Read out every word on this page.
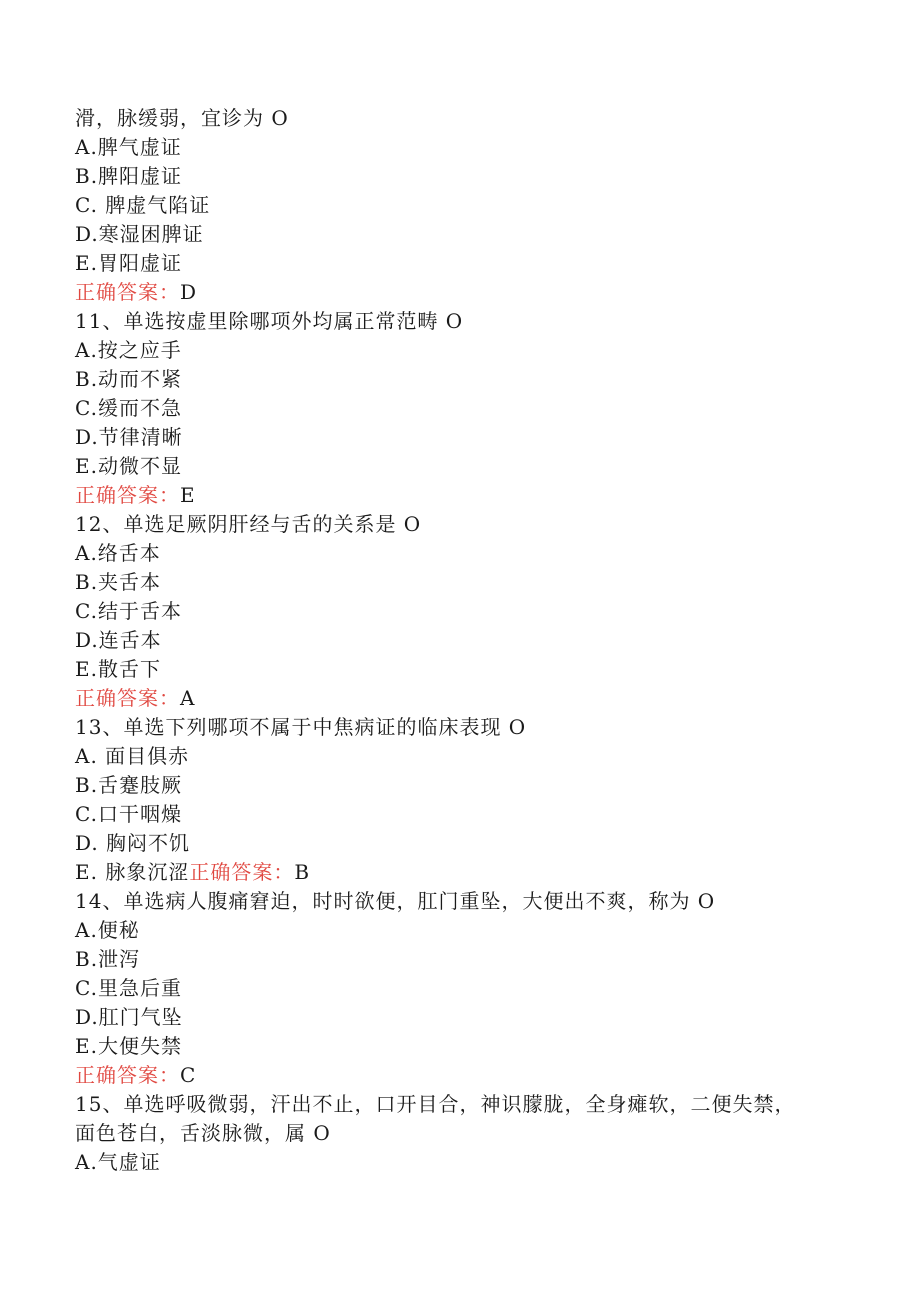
滑，脉缓弱，宜诊为 O
A.脾气虚证
B.脾阳虚证
C. 脾虚气陷证
D.寒湿困脾证
E.胃阳虚证
正确答案：D
11、单选按虚里除哪项外均属正常范畴 O
A.按之应手
B.动而不紧
C.缓而不急
D.节律清晰
E.动微不显
正确答案：E
12、单选足厥阴肝经与舌的关系是 O
A.络舌本
B.夹舌本
C.结于舌本
D.连舌本
E.散舌下
正确答案：A
13、单选下列哪项不属于中焦病证的临床表现 O
A. 面目俱赤
B.舌蹇肢厥
C.口干咽燥
D. 胸闷不饥
E. 脉象沉涩正确答案：B
14、单选病人腹痛窘迫，时时欲便，肛门重坠，大便出不爽，称为 O
A.便秘
B.泄泻
C.里急后重
D.肛门气坠
E.大便失禁
正确答案：C
15、单选呼吸微弱，汗出不止，口开目合，神识朦胧，全身瘫软，二便失禁，
面色苍白，舌淡脉微，属 O
A.气虚证
